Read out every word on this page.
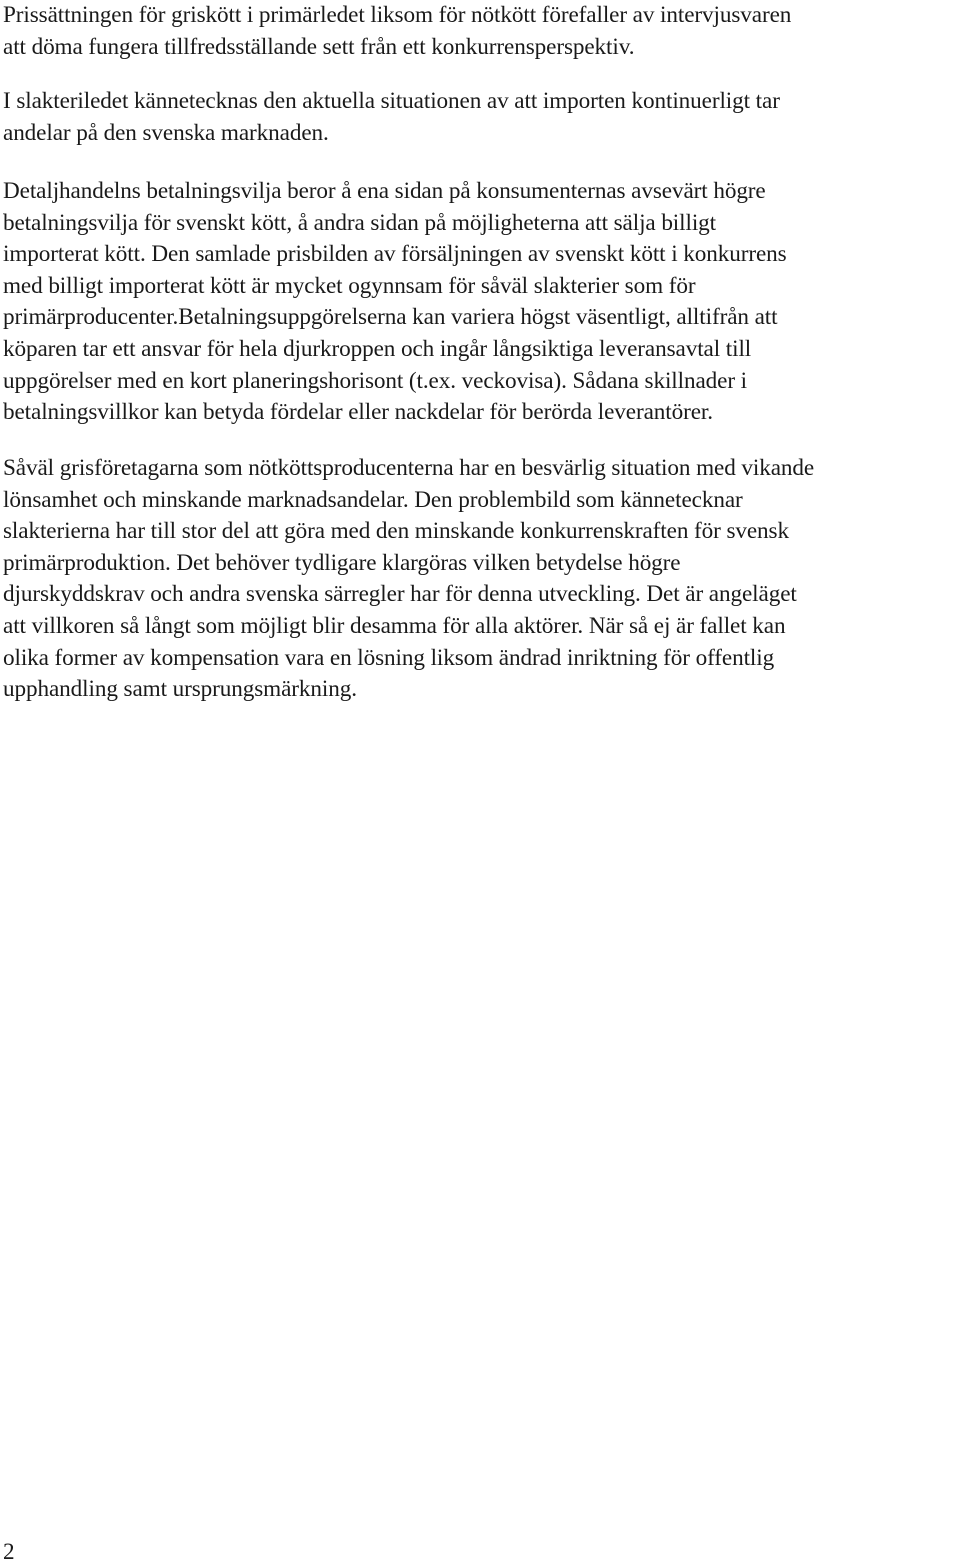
Prissättningen för griskött i primärledet liksom för nötkött förefaller av intervjusvaren
att döma fungera tillfredsställande sett från ett konkurrensperspektiv.

I slakteriledet kännetecknas den aktuella situationen av att importen kontinuerligt tar
andelar på den svenska marknaden.

Detaljhandelns betalningsvilja beror å ena sidan på konsumenternas avsevärt högre
betalningsvilja för svenskt kött, å andra sidan på möjligheterna att sälja billigt
importerat kött. Den samlade prisbilden av försäljningen av svenskt kött i konkurrens
med billigt importerat kött är mycket ogynnsam för såväl slakterier som för
primärproducenter.Betalningsuppgörelserna kan variera högst väsentligt, alltifrån att
köparen tar ett ansvar för hela djurkroppen och ingår långsiktiga leveransavtal till
uppgörelser med en kort planeringshorisont (t.ex. veckovisa). Sådana skillnader i
betalningsvillkor kan betyda fördelar eller nackdelar för berörda leverantörer.

Såväl grisföretagarna som nötköttsproducenterna har en besvärlig situation med vikande
lönsamhet och minskande marknadsandelar. Den problembild som kännetecknar
slakterierna har till stor del att göra med den minskande konkurrenskraften för svensk
primärproduktion. Det behöver tydligare klargöras vilken betydelse högre
djurskyddskrav och andra svenska särregler har för denna utveckling. Det är angeläget
att villkoren så långt som möjligt blir desamma för alla aktörer. När så ej är fallet kan
olika former av kompensation vara en lösning liksom ändrad inriktning för offentlig
upphandling samt ursprungsmärkning.

2
